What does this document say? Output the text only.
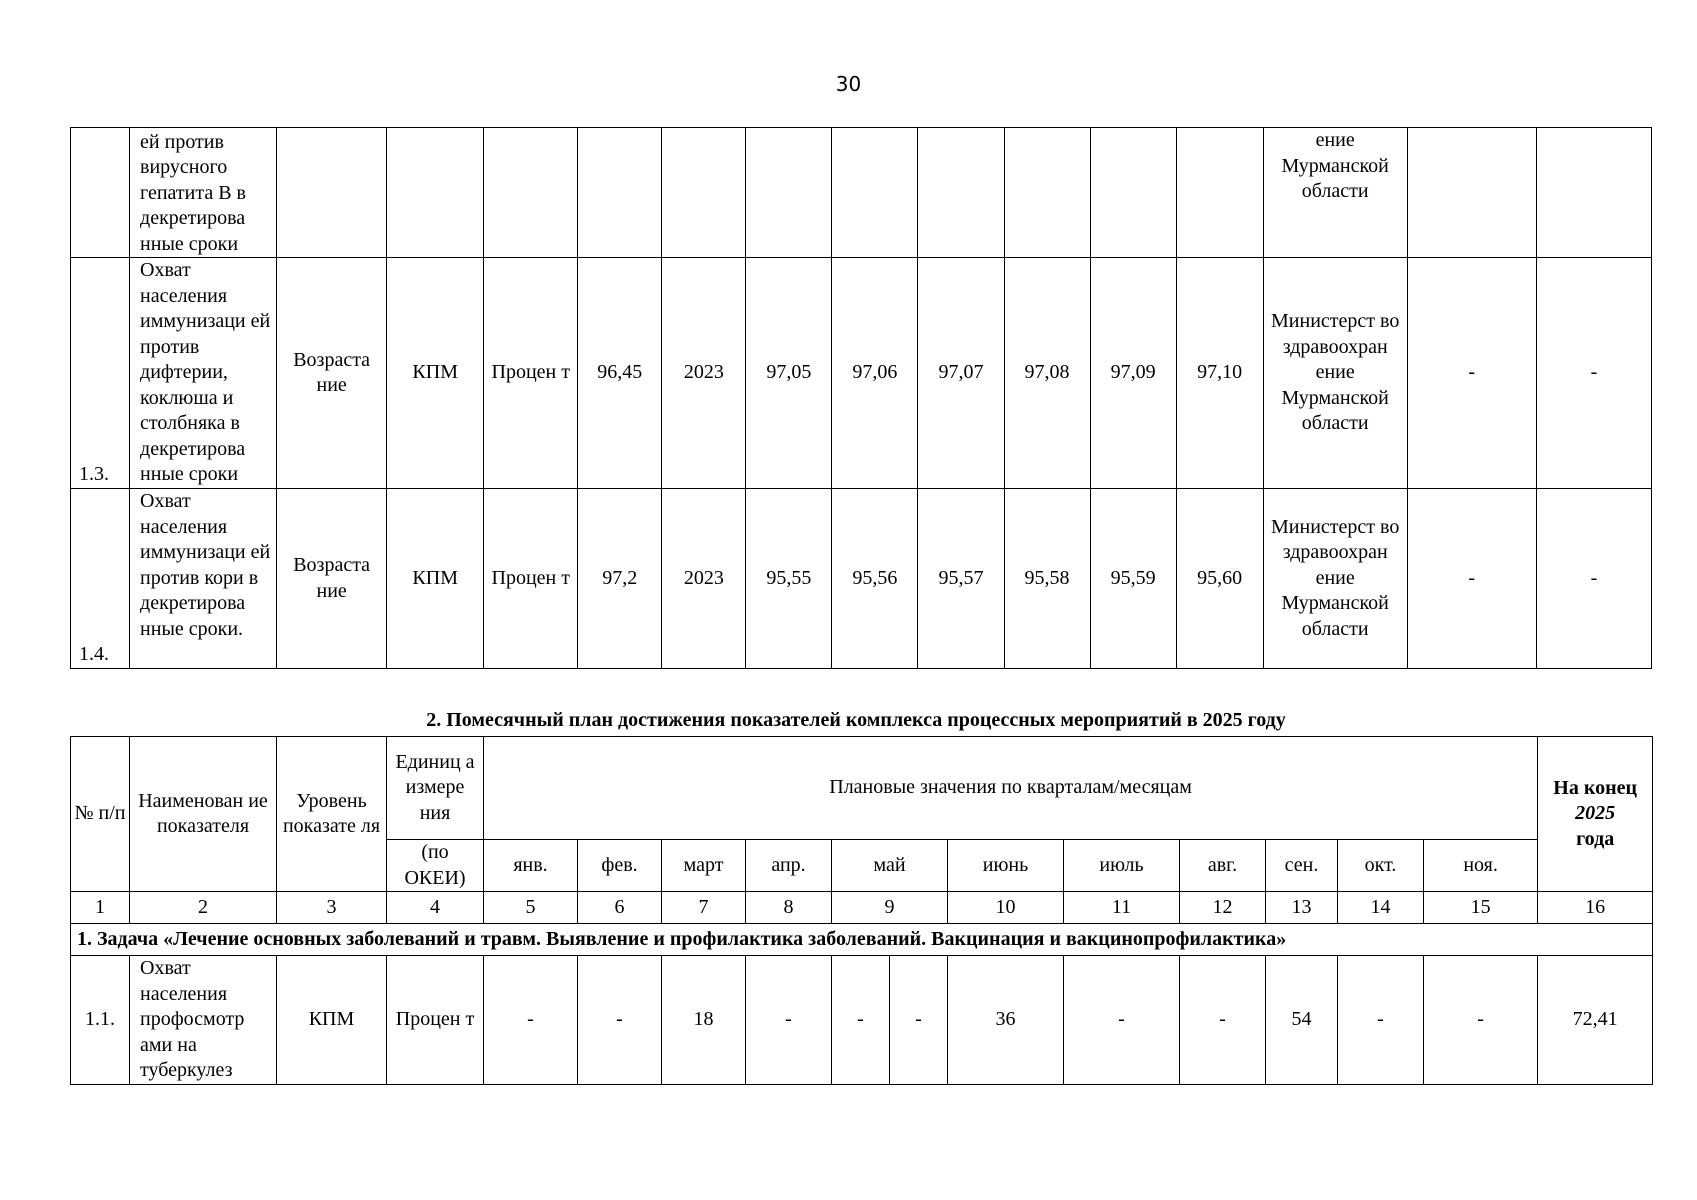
30
	ей против вирусного гепатита В в декретирова нные сроки												ение Мурманской области		
1.3.	Охват населения иммунизаци ей против дифтерии, коклюша и столбняка в декретирова нные сроки	Возраста ние	КПМ	Процен т	96,45	2023	97,05	97,06	97,07	97,08	97,09	97,10	Министерст во здравоохран ение Мурманской области	-	-
1.4.	Охват населения иммунизаци ей против кори в декретирова нные сроки.	Возраста ние	КПМ	Процен т	97,2	2023	95,55	95,56	95,57	95,58	95,59	95,60	Министерст во здравоохран ение Мурманской области	-	-
2. Помесячный план достижения показателей комплекса процессных мероприятий в 2025 году
№ п/п	Наименован ие показателя	Уровень показате ля	Единиц а измере ния	Плановые значения по кварталам/месяцам												На конец
2025
года
			(по ОКЕИ)	янв.	фев.	март	апр.	май		июнь	июль	авг.	сен.	окт.	ноя.	
1	2	3	4	5	6	7	8	9		10	11	12	13	14	15	16
1. Задача «Лечение основных заболеваний и травм. Выявление и профилактика заболеваний. Вакцинация и вакцинопрофилактика»																
1.1.	Охват населения профосмотр ами на туберкулез	КПМ	Процен т	-	-	18	-	-	-	36	-	-	54	-	-	72,41
